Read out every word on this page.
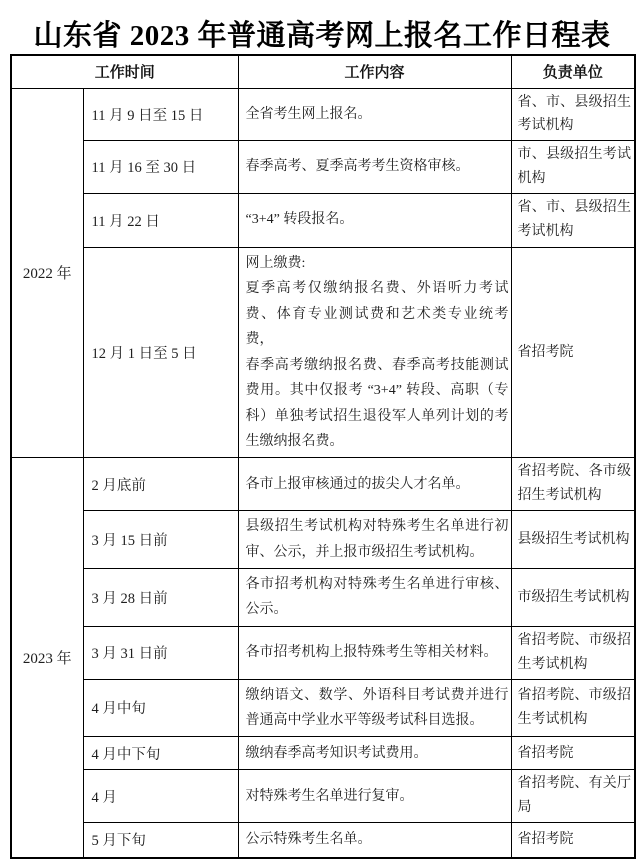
山东省 2023 年普通高考网上报名工作日程表
工作时间		工作内容	负责单位
2022 年	11 月 9 日至 15 日	全省考生网上报名。	省、市、县级招生考试机构
	11 月 16 至 30 日	春季高考、夏季高考考生资格审核。	市、县级招生考试机构
	11 月 22 日	“3+4” 转段报名。	省、市、县级招生考试机构
	12 月 1 日至 5 日	网上缴费:
夏季高考仅缴纳报名费、外语听力考试费、体育专业测试费和艺术类专业统考费，
春季高考缴纳报名费、春季高考技能测试费用。其中仅报考 “3+4” 转段、高职（专科）单独考试招生退役军人单列计划的考生缴纳报名费。	省招考院
2023 年	2 月底前	各市上报审核通过的拔尖人才名单。	省招考院、各市级招生考试机构
	3 月 15 日前	县级招生考试机构对特殊考生名单进行初审、公示，并上报市级招生考试机构。	县级招生考试机构
	3 月 28 日前	各市招考机构对特殊考生名单进行审核、公示。	市级招生考试机构
	3 月 31 日前	各市招考机构上报特殊考生等相关材料。	省招考院、市级招生考试机构
	4 月中旬	缴纳语文、数学、外语科目考试费并进行普通高中学业水平等级考试科目选报。	省招考院、市级招生考试机构
	4 月中下旬	缴纳春季高考知识考试费用。	省招考院
	4 月	对特殊考生名单进行复审。	省招考院、有关厅局
	5 月下旬	公示特殊考生名单。	省招考院
